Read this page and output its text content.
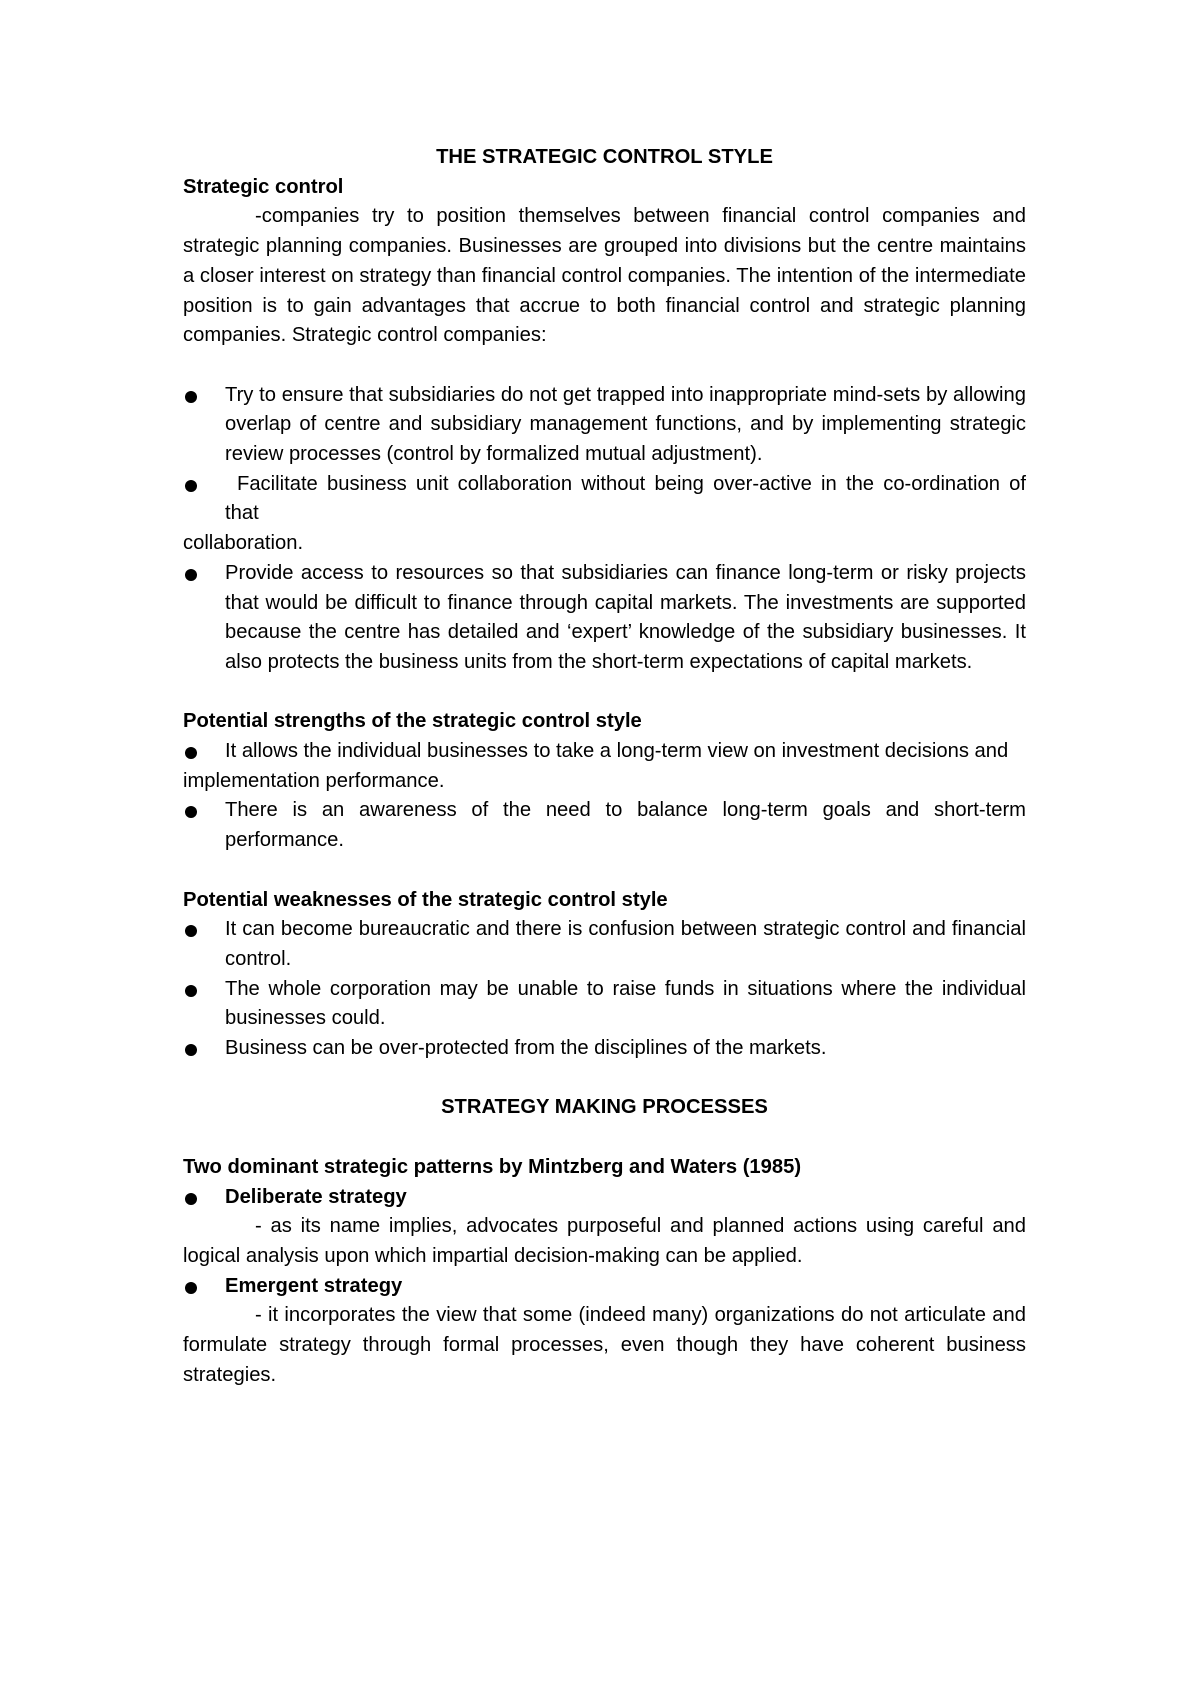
THE STRATEGIC CONTROL STYLE

Strategic control

-companies try to position themselves between financial control companies and strategic planning companies. Businesses are grouped into divisions but the centre maintains a closer interest on strategy than financial control companies. The intention of the intermediate position is to gain advantages that accrue to both financial control and strategic planning companies. Strategic control companies:

Try to ensure that subsidiaries do not get trapped into inappropriate mind-sets by allowing overlap of centre and subsidiary management functions, and by implementing strategic review processes (control by formalized mutual adjustment).
Facilitate business unit collaboration without being over-active in the co-ordination of that

collaboration.

Provide access to resources so that subsidiaries can finance long-term or risky projects that would be difficult to finance through capital markets. The investments are supported because the centre has detailed and ‘expert’ knowledge of the subsidiary businesses. It also protects the business units from the short-term expectations of capital markets.

Potential strengths of the strategic control style

It allows the individual businesses to take a long-term view on investment decisions and

implementation performance.

There is an awareness of the need to balance long-term goals and short-term performance.

Potential weaknesses of the strategic control style

It can become bureaucratic and there is confusion between strategic control and financial control.
The whole corporation may be unable to raise funds in situations where the individual businesses could.
Business can be over-protected from the disciplines of the markets.

STRATEGY MAKING PROCESSES

Two dominant strategic patterns by Mintzberg and Waters (1985)

Deliberate strategy

- as its name implies, advocates purposeful and planned actions using careful and logical analysis upon which impartial decision-making can be applied.

Emergent strategy

- it incorporates the view that some (indeed many) organizations do not articulate and formulate strategy through formal processes, even though they have coherent business strategies.
